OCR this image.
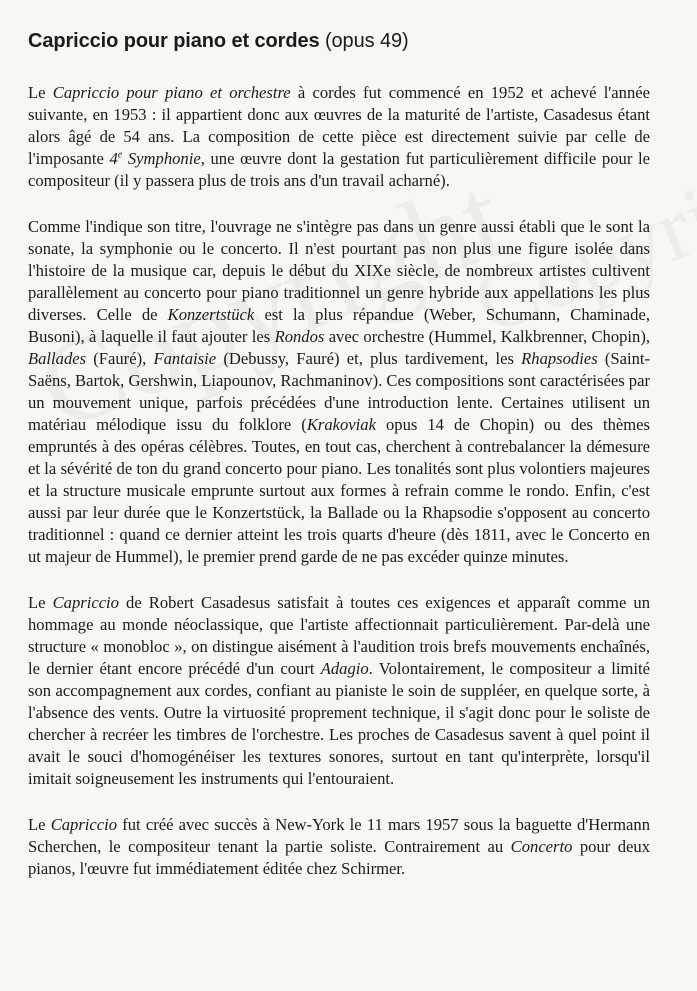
Capriccio pour piano et cordes (opus 49)

Le Capriccio pour piano et orchestre à cordes fut commencé en 1952 et achevé l'année suivante, en 1953 : il appartient donc aux œuvres de la maturité de l'artiste, Casadesus étant alors âgé de 54 ans. La composition de cette pièce est directement suivie par celle de l'imposante 4e Symphonie, une œuvre dont la gestation fut particulièrement difficile pour le compositeur (il y passera plus de trois ans d'un travail acharné).

Comme l'indique son titre, l'ouvrage ne s'intègre pas dans un genre aussi établi que le sont la sonate, la symphonie ou le concerto. Il n'est pourtant pas non plus une figure isolée dans l'histoire de la musique car, depuis le début du XIXe siècle, de nombreux artistes cultivent parallèlement au concerto pour piano traditionnel un genre hybride aux appellations les plus diverses. Celle de Konzertstück est la plus répandue (Weber, Schumann, Chaminade, Busoni), à laquelle il faut ajouter les Rondos avec orchestre (Hummel, Kalkbrenner, Chopin), Ballades (Fauré), Fantaisie (Debussy, Fauré) et, plus tardivement, les Rhapsodies (Saint-Saëns, Bartok, Gershwin, Liapounov, Rachmaninov). Ces compositions sont caractérisées par un mouvement unique, parfois précédées d'une introduction lente. Certaines utilisent un matériau mélodique issu du folklore (Krakoviak opus 14 de Chopin) ou des thèmes empruntés à des opéras célèbres. Toutes, en tout cas, cherchent à contrebalancer la démesure et la sévérité de ton du grand concerto pour piano. Les tonalités sont plus volontiers majeures et la structure musicale emprunte surtout aux formes à refrain comme le rondo. Enfin, c'est aussi par leur durée que le Konzertstück, la Ballade ou la Rhapsodie s'opposent au concerto traditionnel : quand ce dernier atteint les trois quarts d'heure (dès 1811, avec le Concerto en ut majeur de Hummel), le premier prend garde de ne pas excéder quinze minutes.

Le Capriccio de Robert Casadesus satisfait à toutes ces exigences et apparaît comme un hommage au monde néoclassique, que l'artiste affectionnait particulièrement. Par-delà une structure « monobloc », on distingue aisément à l'audition trois brefs mouvements enchaînés, le dernier étant encore précédé d'un court Adagio. Volontairement, le compositeur a limité son accompagnement aux cordes, confiant au pianiste le soin de suppléer, en quelque sorte, à l'absence des vents. Outre la virtuosité proprement technique, il s'agit donc pour le soliste de chercher à recréer les timbres de l'orchestre. Les proches de Casadesus savent à quel point il avait le souci d'homogénéiser les textures sonores, surtout en tant qu'interprète, lorsqu'il imitait soigneusement les instruments qui l'entouraient.

Le Capriccio fut créé avec succès à New-York le 11 mars 1957 sous la baguette d'Hermann Scherchen, le compositeur tenant la partie soliste. Contrairement au Concerto pour deux pianos, l'œuvre fut immédiatement éditée chez Schirmer.
